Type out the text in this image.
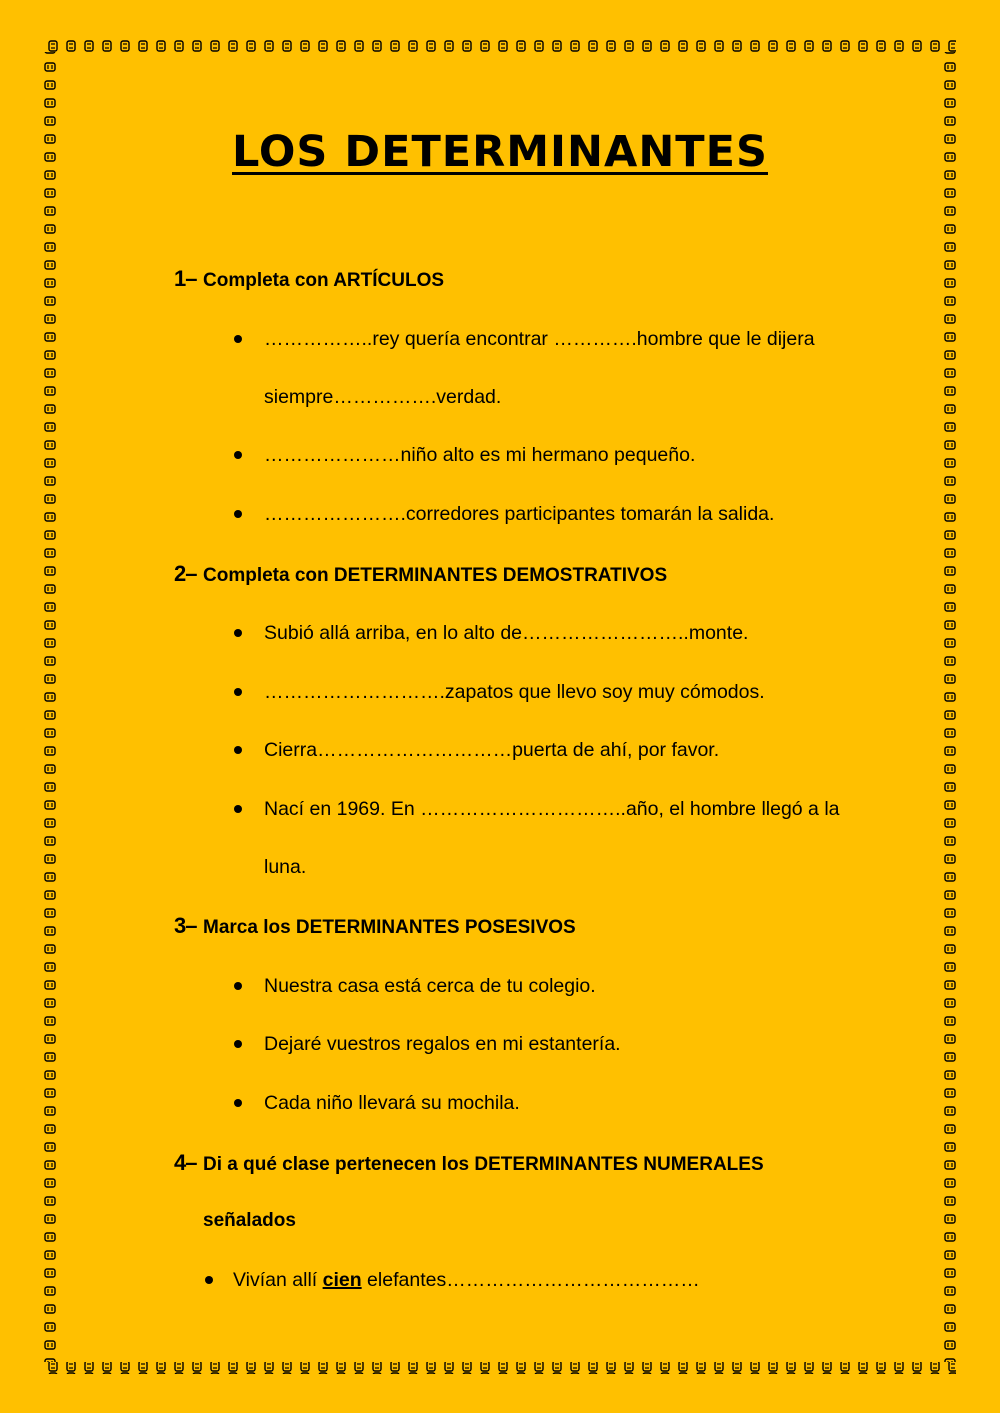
LOS DETERMINANTES
1– Completa con ARTÍCULOS
……………..rey quería encontrar ………….hombre que le dijera
siempre…………….verdad.
…………………niño alto es mi hermano pequeño.
………………….corredores participantes tomarán la salida.
2– Completa con DETERMINANTES DEMOSTRATIVOS
Subió allá arriba, en lo alto de……………………..monte.
……………………….zapatos que llevo soy muy cómodos.
Cierra…………………………puerta de ahí, por favor.
Nací en 1969. En …………………………..año, el hombre llegó a la
luna.
3– Marca los DETERMINANTES POSESIVOS
Nuestra casa está cerca de tu colegio.
Dejaré vuestros regalos en mi estantería.
Cada niño llevará su mochila.
4– Di a qué clase pertenecen los DETERMINANTES NUMERALES
señalados
Vivían allí cien elefantes…………………………………
